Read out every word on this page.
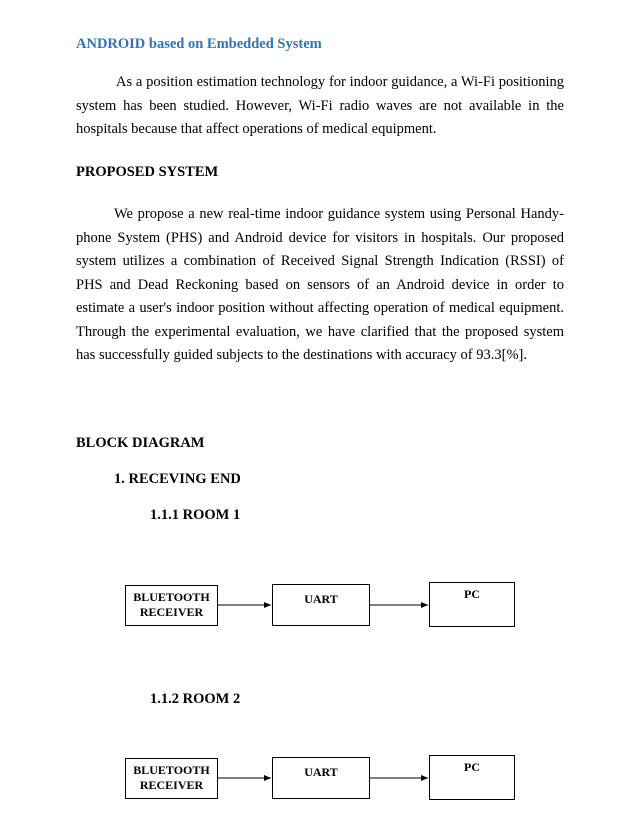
ANDROID based on Embedded System

As a position estimation technology for indoor guidance, a Wi-Fi positioning system has been studied. However, Wi-Fi radio waves are not available in the hospitals because that affect operations of medical equipment.

PROPOSED SYSTEM

We propose a new real-time indoor guidance system using Personal Handy-phone System (PHS) and Android device for visitors in hospitals. Our proposed system utilizes a combination of Received Signal Strength Indication (RSSI) of PHS and Dead Reckoning based on sensors of an Android device in order to estimate a user's indoor position without affecting operation of medical equipment. Through the experimental evaluation, we have clarified that the proposed system has successfully guided subjects to the destinations with accuracy of 93.3[%].

BLOCK DIAGRAM
1. RECEVING END
1.1.1 ROOM 1
BLUETOOTH
RECEIVER
UART	PC
1.1.2 ROOM 2
BLUETOOTH
RECEIVER
UART	PC
